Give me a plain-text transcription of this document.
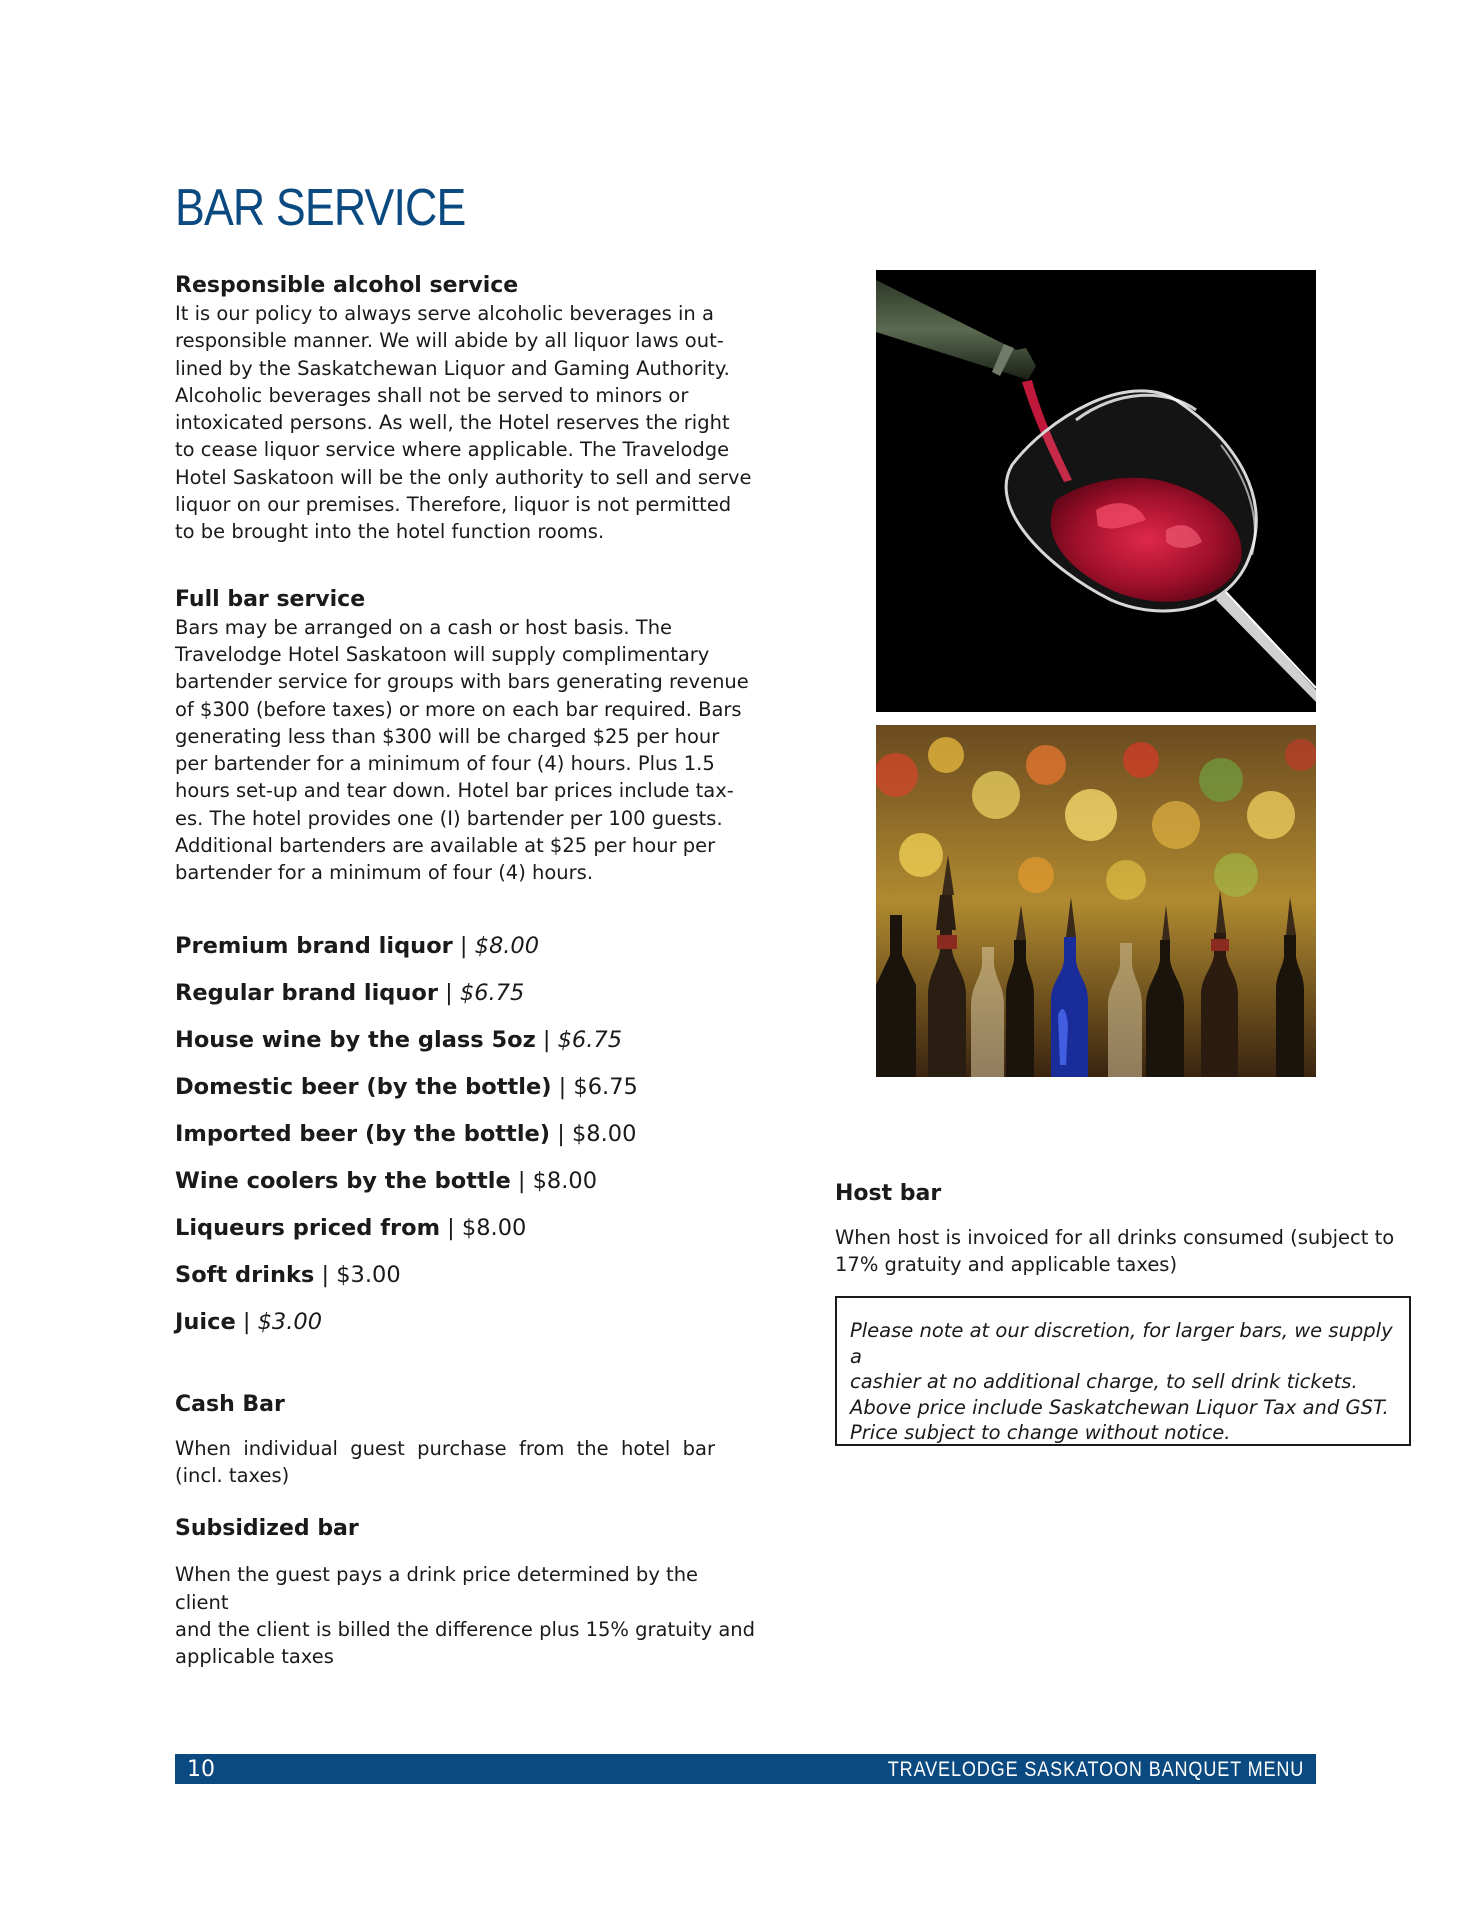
BAR SERVICE
Responsible alcohol service
It is our policy to always serve alcoholic beverages in a
responsible manner. We will abide by all liquor laws out-
lined by the Saskatchewan Liquor and Gaming Authority.
Alcoholic beverages shall not be served to minors or
intoxicated persons. As well, the Hotel reserves the right
to cease liquor service where applicable. The Travelodge
Hotel Saskatoon will be the only authority to sell and serve
liquor on our premises. Therefore, liquor is not permitted
to be brought into the hotel function rooms.
Full bar service
Bars may be arranged on a cash or host basis. The
Travelodge Hotel Saskatoon will supply complimentary
bartender service for groups with bars generating revenue
of $300 (before taxes) or more on each bar required. Bars
generating less than $300 will be charged $25 per hour
per bartender for a minimum of four (4) hours. Plus 1.5
hours set-up and tear down. Hotel bar prices include tax-
es. The hotel provides one (I) bartender per 100 guests.
Additional bartenders are available at $25 per hour per
bartender for a minimum of four (4) hours.
Premium brand liquor | $8.00
Regular brand liquor | $6.75
House wine by the glass 5oz | $6.75
Domestic beer (by the bottle) | $6.75
Imported beer (by the bottle) | $8.00
Wine coolers by the bottle | $8.00
Liqueurs priced from | $8.00
Soft drinks | $3.00
Juice | $3.00
Cash Bar

When individual guest purchase from the hotel bar (incl. taxes)

Subsidized bar
When the guest pays a drink price determined by the client
and the client is billed the difference plus 15% gratuity and
applicable taxes
Host bar
When host is invoiced for all drinks consumed (subject to
17% gratuity and applicable taxes)

Please note at our discretion, for larger bars, we supply a

cashier at no additional charge, to sell drink tickets.

Above price include Saskatchewan Liquor Tax and GST.

Price subject to change without notice.

10	TRAVELODGE SASKATOON BANQUET MENU
